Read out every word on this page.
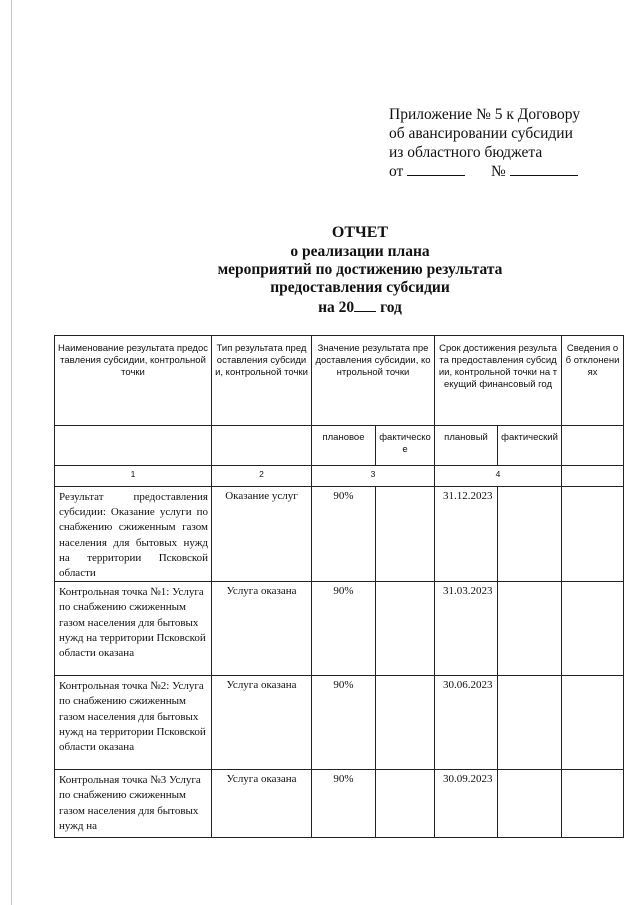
Приложение № 5 к Договору
об авансировании субсидии
из областного бюджета
от	№
ОТЧЕТ
о реализации плана
мероприятий по достижению результата
предоставления субсидии
на 20 год
Наименование результата предоставления субсидии, контрольной точки	Тип результата предоставления субсидии, контрольной точки	Значение результата предоставления субсидии, контрольной точки		Срок достижения результата предоставления субсидии, контрольной точки на текущий финансовый год		Сведения об отклонениях
		плановое	фактическое	плановый	фактический	
1	2	3		4		
Результат предоставления субсидии: Оказание услуги по снабжению сжиженным газом населения для бытовых нужд на территории Псковской области	Оказание услуг	90%		31.12.2023		
Контрольная точка №1: Услуга по снабжению сжиженным газом населения для бытовых нужд на территории Псковской области оказана	Услуга оказана	90%		31.03.2023		
Контрольная точка №2: Услуга по снабжению сжиженным газом населения для бытовых нужд на территории Псковской области оказана	Услуга оказана	90%		30.06.2023		
Контрольная точка №3 Услуга по снабжению сжиженным газом населения для бытовых нужд на	Услуга оказана	90%		30.09.2023		
